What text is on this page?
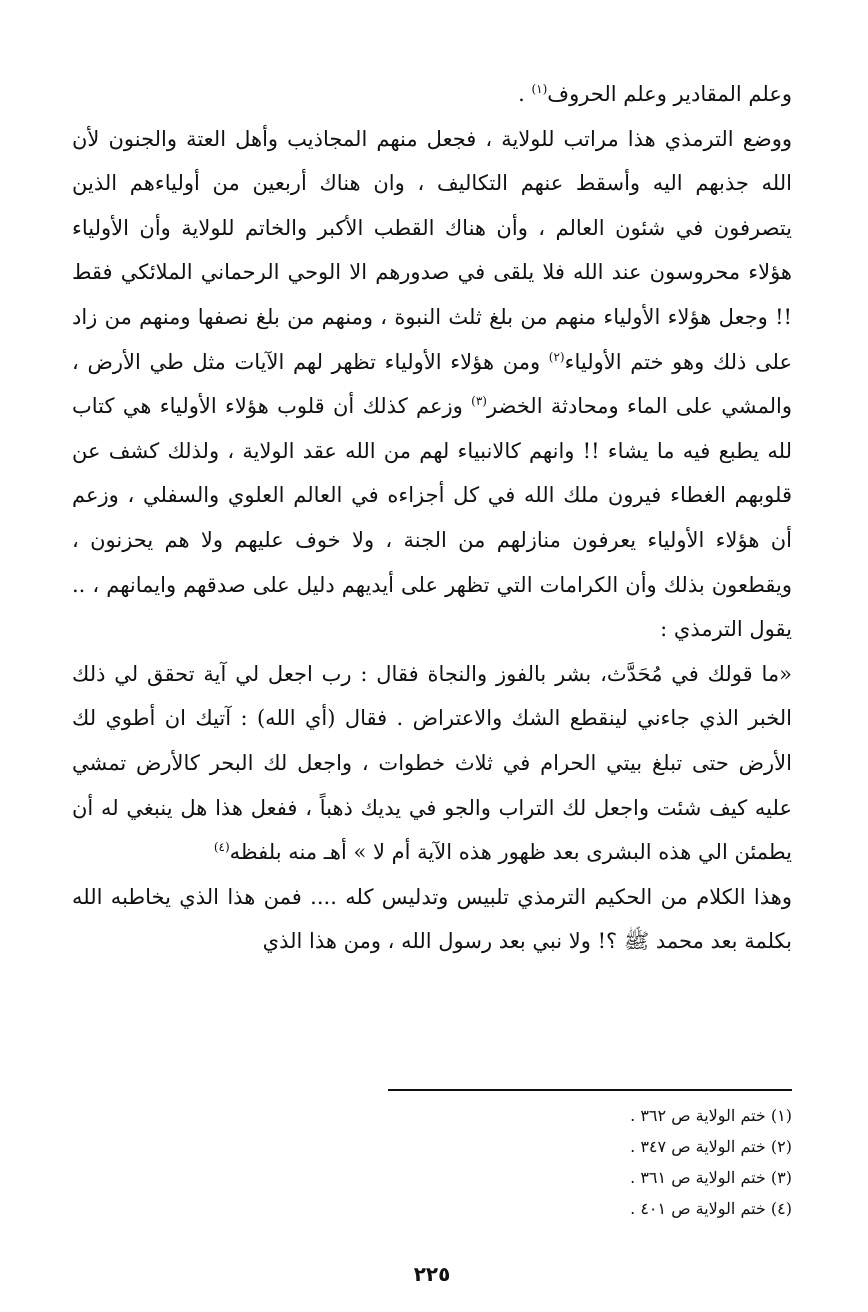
وعلم المقادير وعلم الحروف$^{(١)}$ .

ووضع الترمذي هذا مراتب للولاية ، فجعل منهم المجاذيب وأهل العتة والجنون لأن الله جذبهم اليه وأسقط عنهم التكاليف ، وان هناك أربعين من أولياءهم الذين يتصرفون في شئون العالم ، وأن هناك القطب الأكبر والخاتم للولاية وأن الأولياء هؤلاء محروسون عند الله فلا يلقى في صدورهم الا الوحي الرحماني الملائكي فقط !! وجعل هؤلاء الأولياء منهم من بلغ ثلث النبوة ، ومنهم من بلغ نصفها ومنهم من زاد على ذلك وهو ختم الأولياء$^{(٢)}$ ومن هؤلاء الأولياء تظهر لهم الآيات مثل طي الأرض ، والمشي على الماء ومحادثة الخضر$^{(٣)}$ وزعم كذلك أن قلوب هؤلاء الأولياء هي كتاب لله يطبع فيه ما يشاء !! وانهم كالانبياء لهم من الله عقد الولاية ، ولذلك كشف عن قلوبهم الغطاء فيرون ملك الله في كل أجزاءه في العالم العلوي والسفلي ، وزعم أن هؤلاء الأولياء يعرفون منازلهم من الجنة ، ولا خوف عليهم ولا هم يحزنون ، ويقطعون بذلك وأن الكرامات التي تظهر على أيديهم دليل على صدقهم وايمانهم ، .. يقول الترمذي :

«ما قولك في مُحَدَّث، بشر بالفوز والنجاة فقال : رب اجعل لي آية تحقق لي ذلك الخبر الذي جاءني لينقطع الشك والاعتراض . فقال (أي الله) : آتيك ان أطوي لك الأرض حتى تبلغ بيتي الحرام في ثلاث خطوات ، واجعل لك البحر كالأرض تمشي عليه كيف شئت واجعل لك التراب والجو في يديك ذهباً ، ففعل هذا هل ينبغي له أن يطمئن الي هذه البشرى بعد ظهور هذه الآية أم لا » أهـ منه بلفظه$^{(٤)}$

وهذا الكلام من الحكيم الترمذي تلبيس وتدليس كله .... فمن هذا الذي يخاطبه الله بكلمة بعد محمد ﷺ ؟! ولا نبي بعد رسول الله ، ومن هذا الذي

(١) ختم الولاية ص ٣٦٢ .
(٢) ختم الولاية ص ٣٤٧ .
(٣) ختم الولاية ص ٣٦١ .
(٤) ختم الولاية ص ٤٠١ .
٢٢٥
